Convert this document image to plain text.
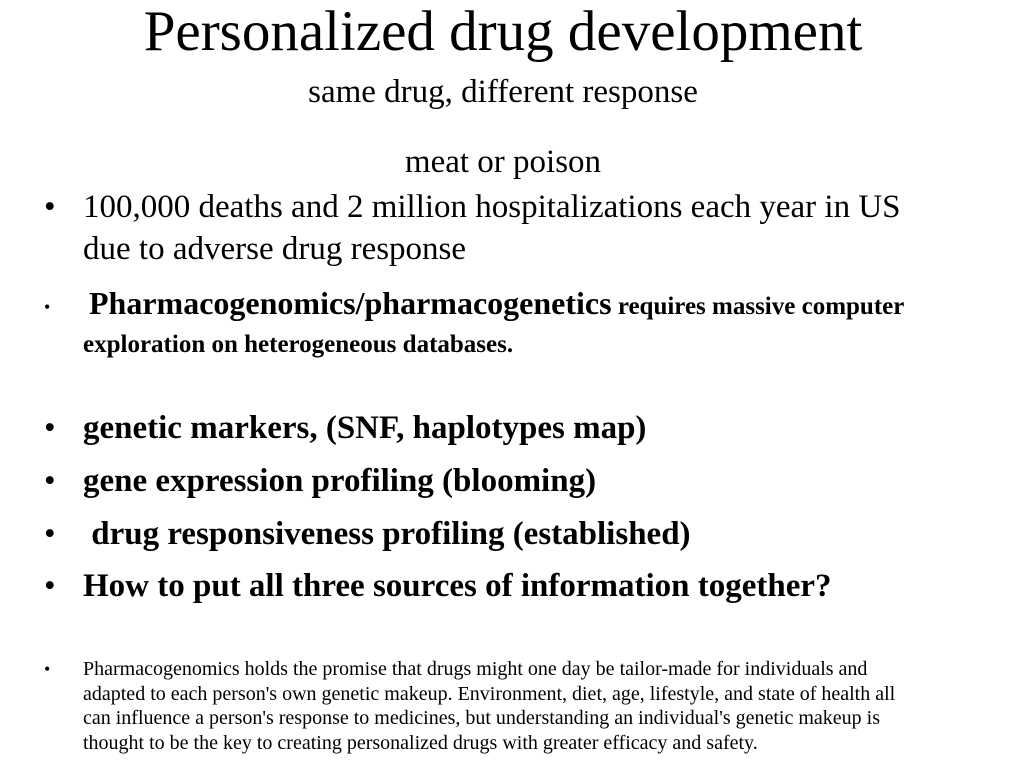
Personalized drug development
same drug, different response
meat or poison
• 100,000 deaths and 2 million hospitalizations each year in US due to adverse drug response
• Pharmacogenomics/pharmacogenetics requires massive computer exploration on heterogeneous databases.
• genetic markers, (SNF, haplotypes map)
• gene expression profiling (blooming)
• drug responsiveness profiling (established)
• How to put all three sources of information together?
• Pharmacogenomics holds the promise that drugs might one day be tailor-made for individuals and adapted to each person's own genetic makeup. Environment, diet, age, lifestyle, and state of health all can influence a person's response to medicines, but understanding an individual's genetic makeup is thought to be the key to creating personalized drugs with greater efficacy and safety.
